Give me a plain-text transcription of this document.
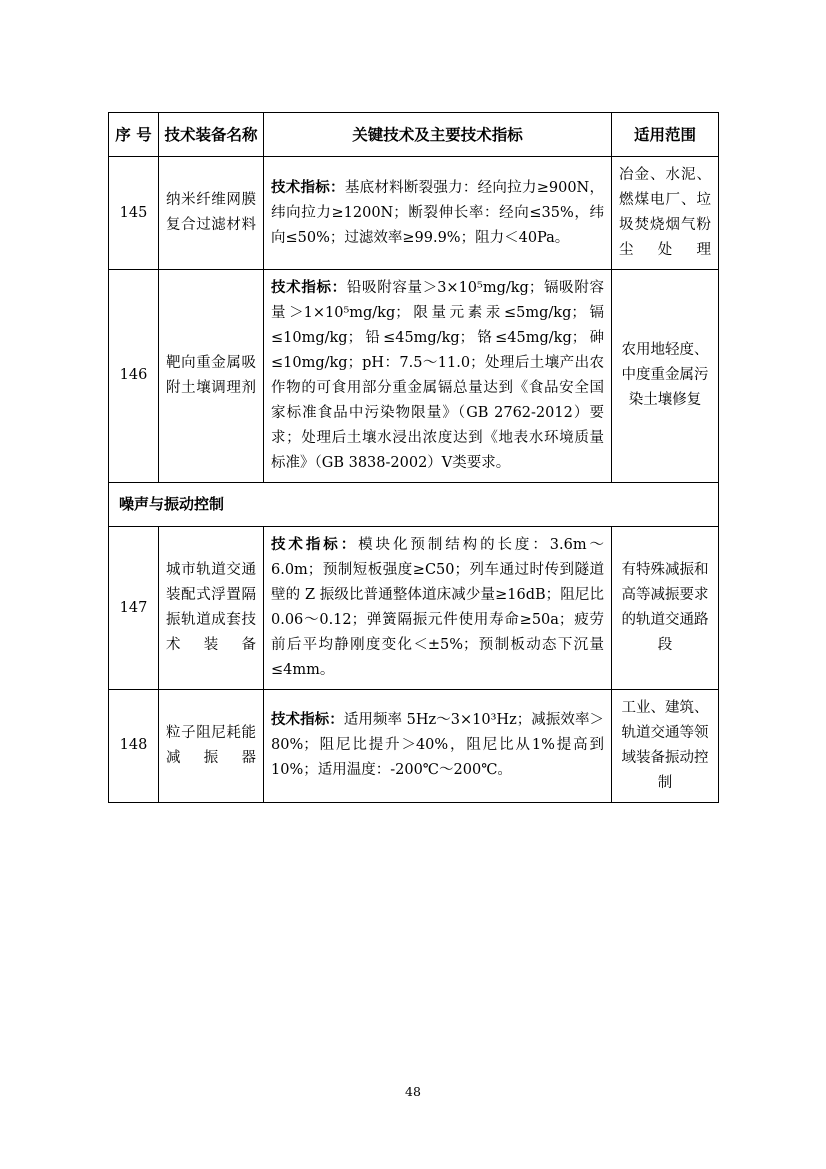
序 号	技术装备名称	关键技术及主要技术指标	适用范围
145	纳米纤维网膜复合过滤材料	技术指标：基底材料断裂强力：经向拉力≥900N，纬向拉力≥1200N；断裂伸长率：经向≤35%，纬向≤50%；过滤效率≥99.9%；阻力＜40Pa。	冶金、水泥、燃煤电厂、垃圾焚烧烟气粉尘处理
146	靶向重金属吸附土壤调理剂	技术指标：铅吸附容量＞3×10⁵mg/kg；镉吸附容量＞1×10⁵mg/kg；限量元素汞≤5mg/kg；镉≤10mg/kg；铅≤45mg/kg；铬≤45mg/kg；砷≤10mg/kg；pH：7.5～11.0；处理后土壤产出农作物的可食用部分重金属镉总量达到《食品安全国家标准食品中污染物限量》（GB 2762-2012）要求；处理后土壤水浸出浓度达到《地表水环境质量标准》（GB 3838-2002）Ⅴ类要求。	农用地轻度、中度重金属污染土壤修复
噪声与振动控制			
147	城市轨道交通装配式浮置隔振轨道成套技术装备	技术指标：模块化预制结构的长度：3.6m～6.0m；预制短板强度≥C50；列车通过时传到隧道壁的 Z 振级比普通整体道床减少量≥16dB；阻尼比 0.06～0.12；弹簧隔振元件使用寿命≥50a；疲劳前后平均静刚度变化＜±5%；预制板动态下沉量≤4mm。	有特殊减振和高等减振要求的轨道交通路段
148	粒子阻尼耗能减振器	技术指标：适用频率 5Hz～3×10³Hz；减振效率＞80%；阻尼比提升＞40%，阻尼比从1%提高到 10%；适用温度：-200℃～200℃。	工业、建筑、轨道交通等领域装备振动控制
48
